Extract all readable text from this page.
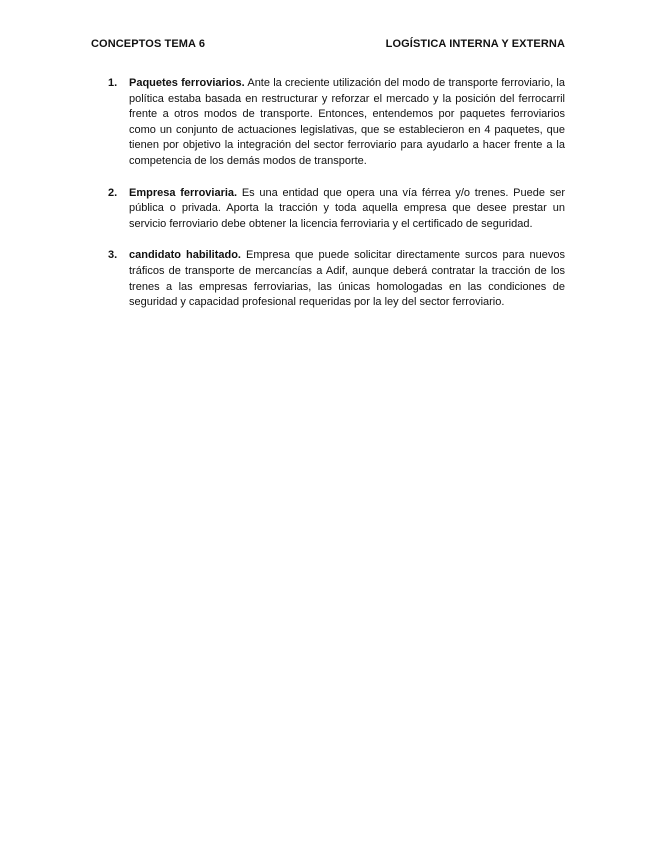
CONCEPTOS TEMA 6	LOGÍSTICA INTERNA Y EXTERNA
1.	Paquetes ferroviarios. Ante la creciente utilización del modo de transporte ferroviario, la política estaba basada en restructurar y reforzar el mercado y la posición del ferrocarril frente a otros modos de transporte. Entonces, entendemos por paquetes ferroviarios como un conjunto de actuaciones legislativas, que se establecieron en 4 paquetes, que tienen por objetivo la integración del sector ferroviario para ayudarlo a hacer frente a la competencia de los demás modos de transporte.
2.	Empresa ferroviaria. Es una entidad que opera una vía férrea y/o trenes. Puede ser pública o privada. Aporta la tracción y toda aquella empresa que desee prestar un servicio ferroviario debe obtener la licencia ferroviaria y el certificado de seguridad.
3.	candidato habilitado. Empresa que puede solicitar directamente surcos para nuevos tráficos de transporte de mercancías a Adif, aunque deberá contratar la tracción de los trenes a las empresas ferroviarias, las únicas homologadas en las condiciones de seguridad y capacidad profesional requeridas por la ley del sector ferroviario.
